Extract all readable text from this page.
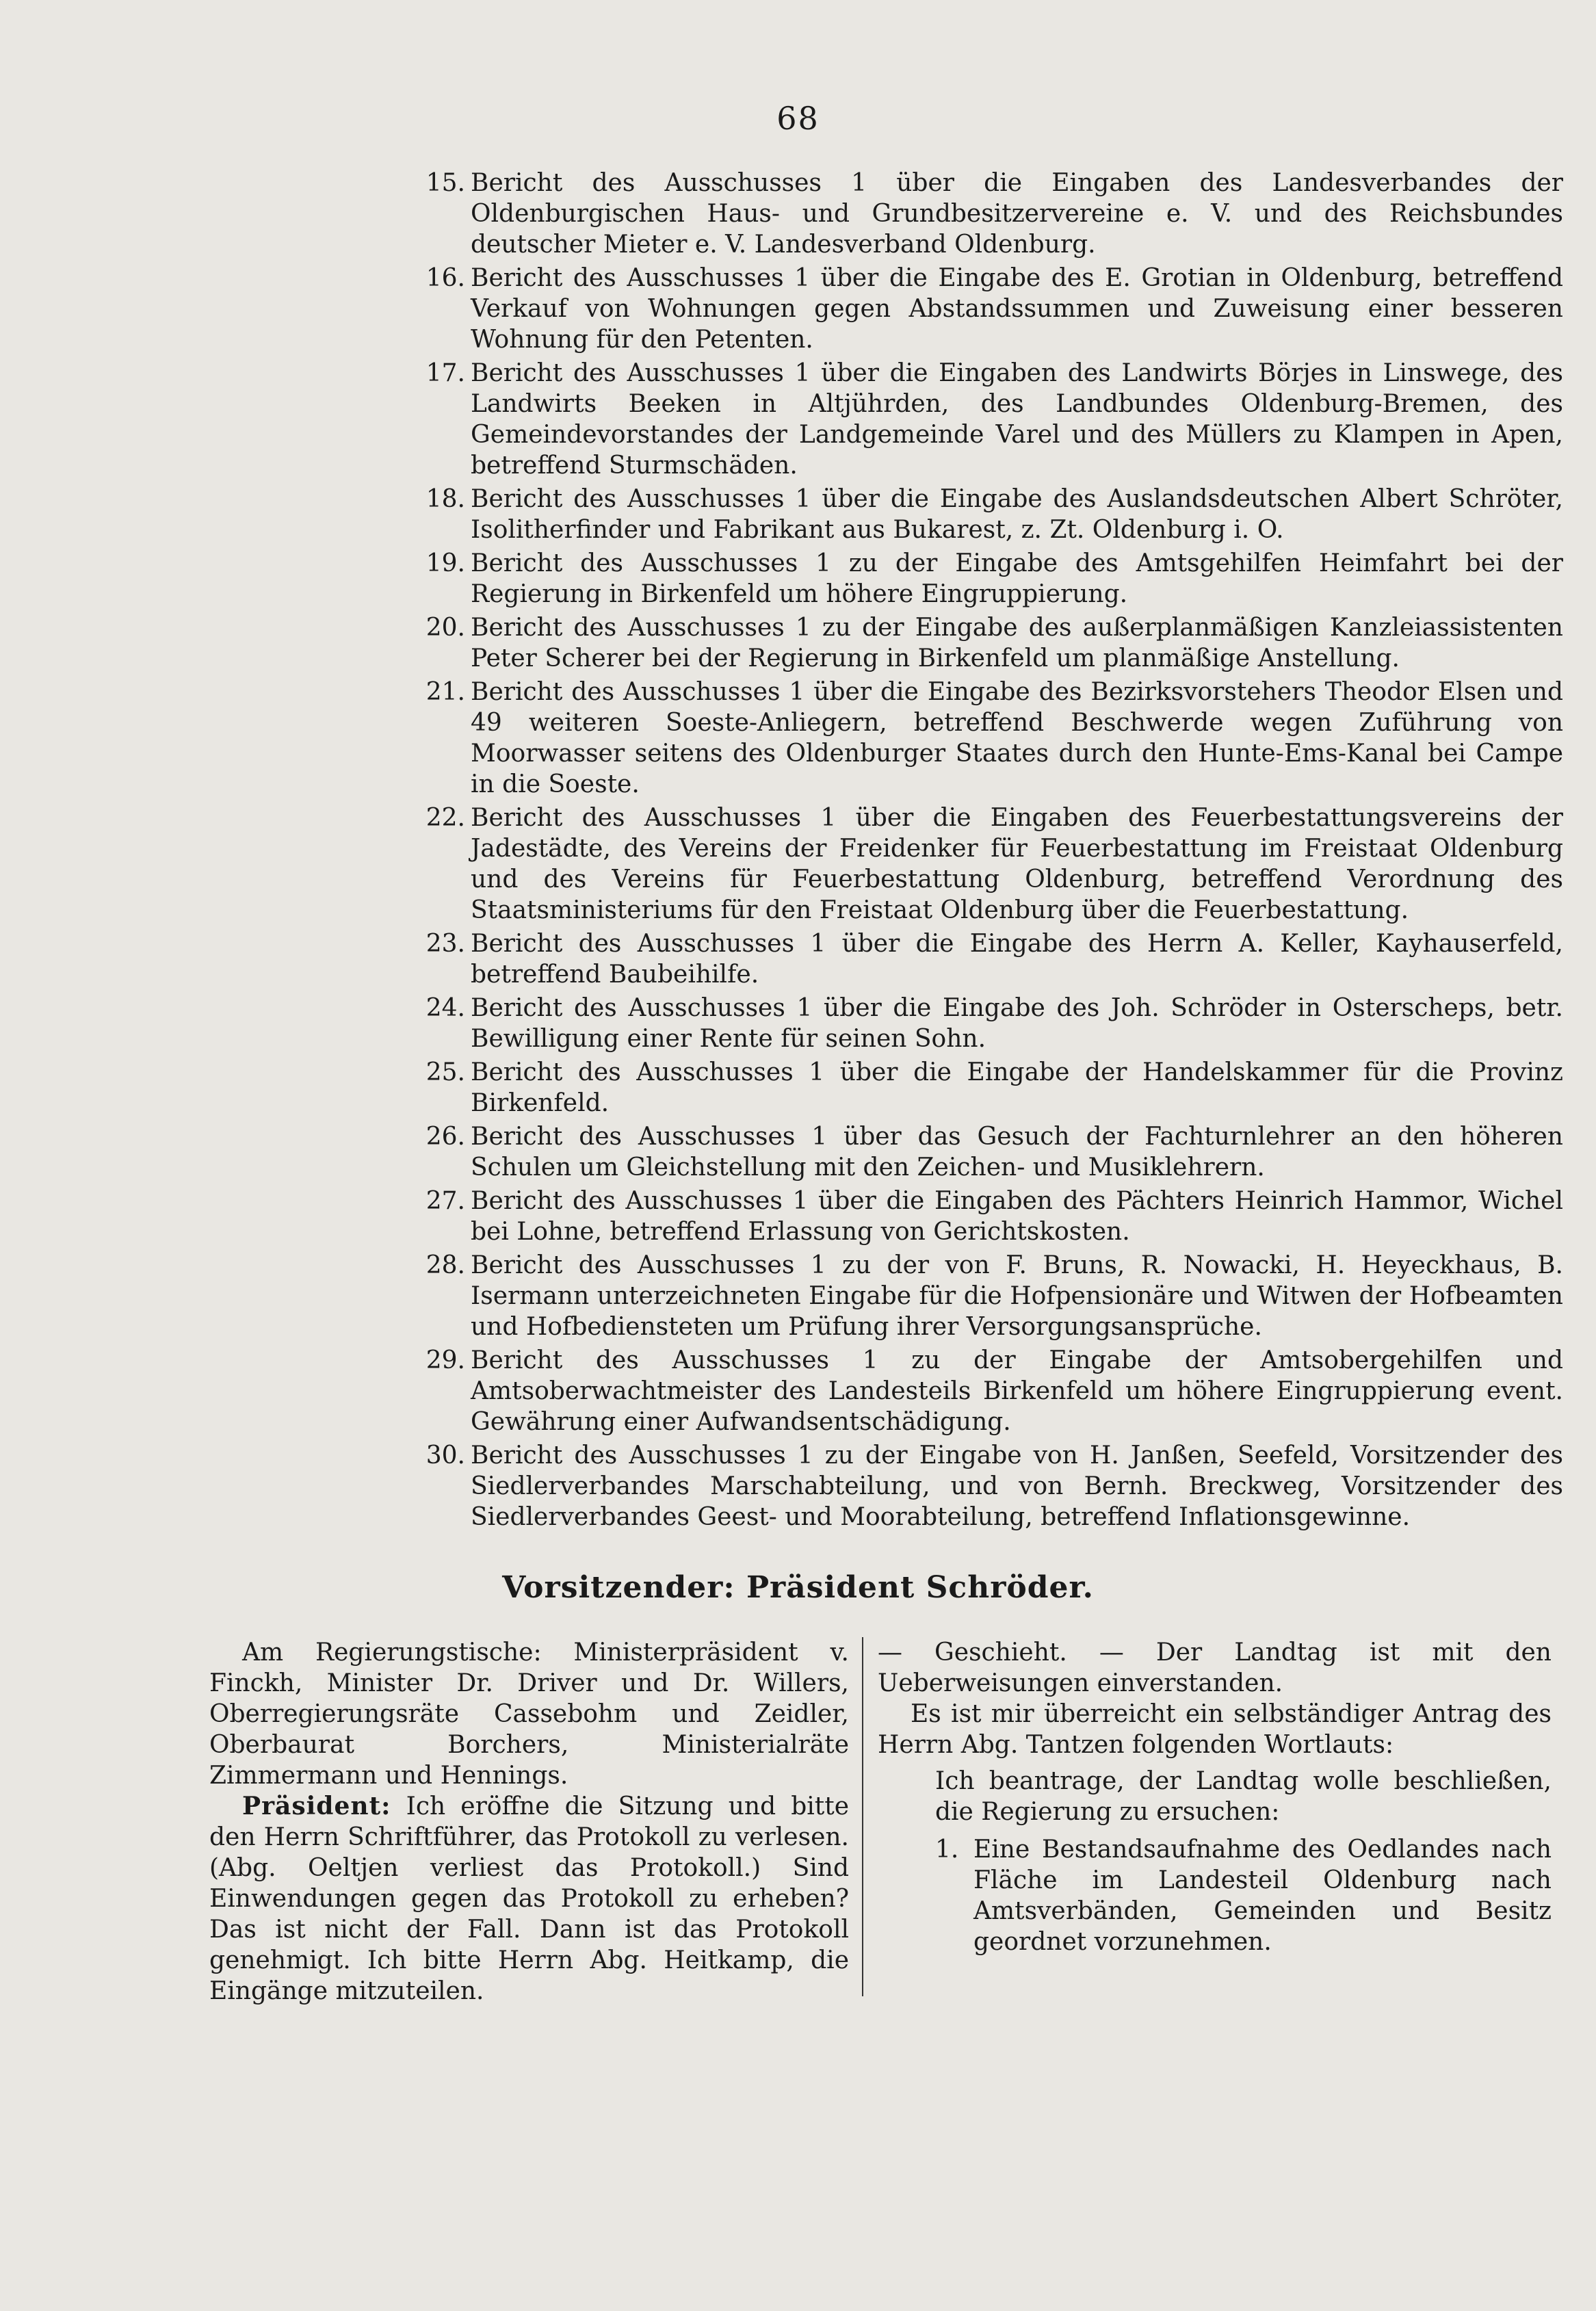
68
15. Bericht des Ausschusses 1 über die Eingaben des Landesverbandes der Oldenburgischen Haus- und Grundbesitzervereine e. V. und des Reichsbundes deutscher Mieter e. V. Landesverband Oldenburg.
16. Bericht des Ausschusses 1 über die Eingabe des E. Grotian in Oldenburg, betreffend Verkauf von Wohnungen gegen Abstandssummen und Zuweisung einer besseren Wohnung für den Petenten.
17. Bericht des Ausschusses 1 über die Eingaben des Landwirts Börjes in Linswege, des Landwirts Beeken in Altjührden, des Landbundes Oldenburg-Bremen, des Gemeindevorstandes der Landgemeinde Varel und des Müllers zu Klampen in Apen, betreffend Sturmschäden.
18. Bericht des Ausschusses 1 über die Eingabe des Auslandsdeutschen Albert Schröter, Isolitherfinder und Fabrikant aus Bukarest, z. Zt. Oldenburg i. O.
19. Bericht des Ausschusses 1 zu der Eingabe des Amtsgehilfen Heimfahrt bei der Regierung in Birkenfeld um höhere Eingruppierung.
20. Bericht des Ausschusses 1 zu der Eingabe des außerplanmäßigen Kanzleiassistenten Peter Scherer bei der Regierung in Birkenfeld um planmäßige Anstellung.
21. Bericht des Ausschusses 1 über die Eingabe des Bezirksvorstehers Theodor Elsen und 49 weiteren Soeste-Anliegern, betreffend Beschwerde wegen Zuführung von Moorwasser seitens des Oldenburger Staates durch den Hunte-Ems-Kanal bei Campe in die Soeste.
22. Bericht des Ausschusses 1 über die Eingaben des Feuerbestattungsvereins der Jadestädte, des Vereins der Freidenker für Feuerbestattung im Freistaat Oldenburg und des Vereins für Feuerbestattung Oldenburg, betreffend Verordnung des Staatsministeriums für den Freistaat Oldenburg über die Feuerbestattung.
23. Bericht des Ausschusses 1 über die Eingabe des Herrn A. Keller, Kayhauserfeld, betreffend Baubeihilfe.
24. Bericht des Ausschusses 1 über die Eingabe des Joh. Schröder in Osterscheps, betr. Bewilligung einer Rente für seinen Sohn.
25. Bericht des Ausschusses 1 über die Eingabe der Handelskammer für die Provinz Birkenfeld.
26. Bericht des Ausschusses 1 über das Gesuch der Fachturnlehrer an den höheren Schulen um Gleichstellung mit den Zeichen- und Musiklehrern.
27. Bericht des Ausschusses 1 über die Eingaben des Pächters Heinrich Hammor, Wichel bei Lohne, betreffend Erlassung von Gerichtskosten.
28. Bericht des Ausschusses 1 zu der von F. Bruns, R. Nowacki, H. Heyeckhaus, B. Isermann unterzeichneten Eingabe für die Hofpensionäre und Witwen der Hofbeamten und Hofbediensteten um Prüfung ihrer Versorgungsansprüche.
29. Bericht des Ausschusses 1 zu der Eingabe der Amtsobergehilfen und Amtsoberwachtmeister des Landesteils Birkenfeld um höhere Eingruppierung event. Gewährung einer Aufwandsentschädigung.
30. Bericht des Ausschusses 1 zu der Eingabe von H. Janßen, Seefeld, Vorsitzender des Siedlerverbandes Marschabteilung, und von Bernh. Breckweg, Vorsitzender des Siedlerverbandes Geest- und Moorabteilung, betreffend Inflationsgewinne.
Vorsitzender: Präsident Schröder.

Am Regierungstische: Ministerpräsident v. Finckh, Minister Dr. Driver und Dr. Willers, Oberregierungsräte Cassebohm und Zeidler, Oberbaurat Borchers, Ministerialräte Zimmermann und Hennings.

Präsident: Ich eröffne die Sitzung und bitte den Herrn Schriftführer, das Protokoll zu verlesen. (Abg. Oeltjen verliest das Protokoll.) Sind Einwendungen gegen das Protokoll zu erheben? Das ist nicht der Fall. Dann ist das Protokoll genehmigt. Ich bitte Herrn Abg. Heitkamp, die Eingänge mitzuteilen.

— Geschieht. — Der Landtag ist mit den Ueberweisungen einverstanden.

Es ist mir überreicht ein selbständiger Antrag des Herrn Abg. Tantzen folgenden Wortlauts:

Ich beantrage, der Landtag wolle beschließen, die Regierung zu ersuchen:

1. Eine Bestandsaufnahme des Oedlandes nach Fläche im Landesteil Oldenburg nach Amtsverbänden, Gemeinden und Besitz geordnet vorzunehmen.
